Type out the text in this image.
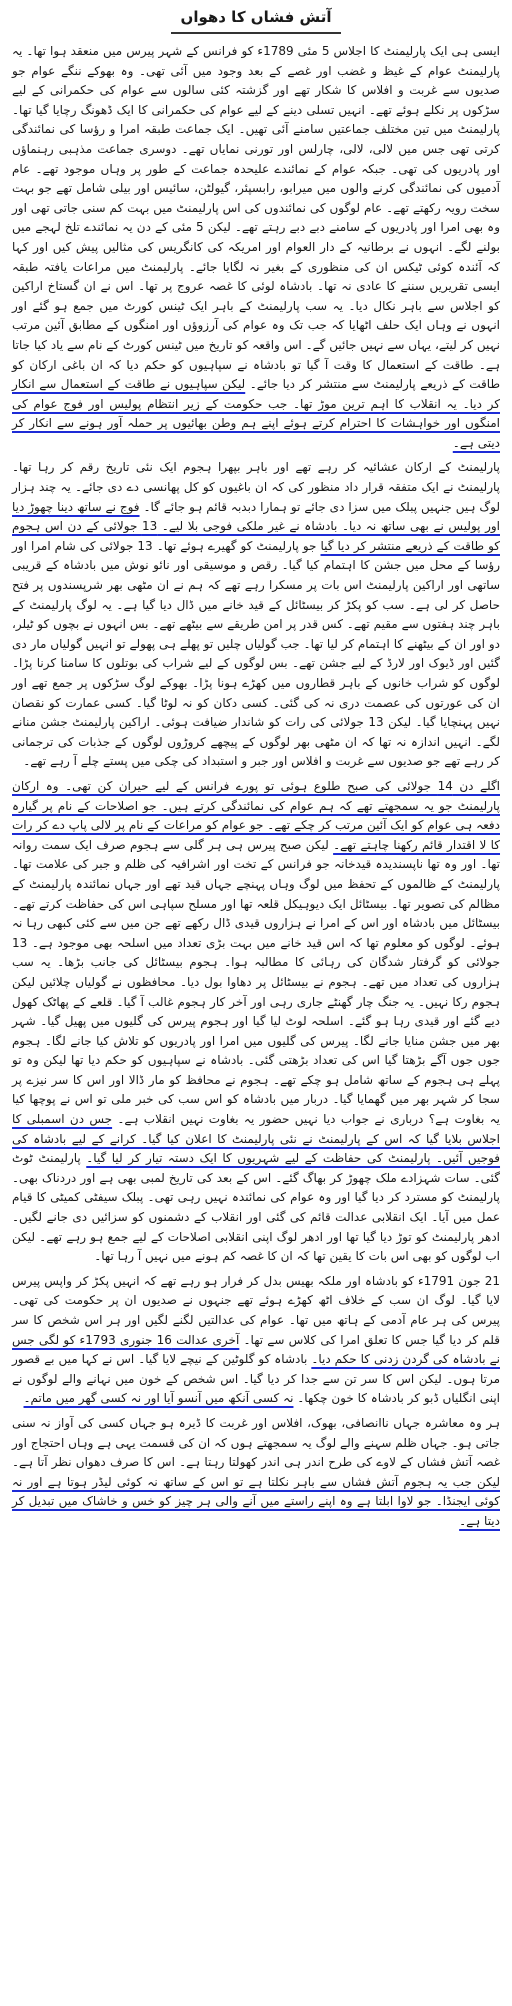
آتش فشاں کا دھواں

ایسی ہی ایک پارلیمنٹ کا اجلاس 5 مئی 1789ء کو فرانس کے شہر پیرس میں منعقد ہوا تھا۔ یہ پارلیمنٹ عوام کے غیظ و غضب اور غصے کے بعد وجود میں آئی تھی۔ وہ بھوکے ننگے عوام جو صدیوں سے غربت و افلاس کا شکار تھے اور گزشتہ کئی سالوں سے عوام کی حکمرانی کے لیے سڑکوں پر نکلے ہوئے تھے۔ انہیں تسلی دینے کے لیے عوام کی حکمرانی کا ایک ڈھونگ رچایا گیا تھا۔ پارلیمنٹ میں تین مختلف جماعتیں سامنے آئی تھیں۔ ایک جماعت طبقہ امرا و رؤسا کی نمائندگی کرتی تھی جس میں لالی، لالی، چارلس اور تورنی نمایاں تھے۔ دوسری جماعت مذہبی رہنماؤں اور پادریوں کی تھی۔ جبکہ عوام کے نمائندے علیحدہ جماعت کے طور پر وہاں موجود تھے۔ عام آدمیوں کی نمائندگی کرنے والوں میں میرابو، رابسپئر، گیولٹن، سائیس اور بیلی شامل تھے جو بہت سخت رویہ رکھتے تھے۔ عام لوگوں کی نمائندوں کی اس پارلیمنٹ میں بہت کم سنی جاتی تھی اور وہ بھی امرا اور پادریوں کے سامنے دبے دبے رہتے تھے۔ لیکن 5 مئی کے دن یہ نمائندے تلخ لہجے میں بولنے لگے۔ انہوں نے برطانیہ کے دار العوام اور امریکہ کی کانگریس کی مثالیں پیش کیں اور کہا کہ آئندہ کوئی ٹیکس ان کی منظوری کے بغیر نہ لگایا جائے۔ پارلیمنٹ میں مراعات یافتہ طبقہ ایسی تقریریں سننے کا عادی نہ تھا۔ بادشاہ لوئی کا غصہ عروج پر تھا۔ اس نے ان گستاخ اراکین کو اجلاس سے باہر نکال دیا۔ یہ سب پارلیمنٹ کے باہر ایک ٹینس کورٹ میں جمع ہو گئے اور انہوں نے وہاں ایک حلف اٹھایا کہ جب تک وہ عوام کی آرزوؤں اور امنگوں کے مطابق آئین مرتب نہیں کر لیتے، یہاں سے نہیں جائیں گے۔ اس واقعہ کو تاریخ میں ٹینس کورٹ کے نام سے یاد کیا جاتا ہے۔ طاقت کے استعمال کا وقت آ گیا تو بادشاہ نے سپاہیوں کو حکم دیا کہ ان باغی ارکان کو طاقت کے ذریعے پارلیمنٹ سے منتشر کر دیا جائے۔ لیکن سپاہیوں نے طاقت کے استعمال سے انکار کر دیا۔ یہ انقلاب کا اہم ترین موڑ تھا۔ جب حکومت کے زیر انتظام پولیس اور فوج عوام کی امنگوں اور خواہشات کا احترام کرتے ہوئے اپنے ہم وطن بھائیوں پر حملہ آور ہونے سے انکار کر دیتی ہے۔

پارلیمنٹ کے ارکان عشائیہ کر رہے تھے اور باہر بپھرا ہجوم ایک نئی تاریخ رقم کر رہا تھا۔ پارلیمنٹ نے ایک متفقہ قرار داد منظور کی کہ ان باغیوں کو کل پھانسی دے دی جائے۔ یہ چند ہزار لوگ ہیں جنہیں پبلک میں سزا دی جائے تو ہمارا دبدبہ قائم ہو جائے گا۔ فوج نے ساتھ دینا چھوڑ دیا اور پولیس نے بھی ساتھ نہ دیا۔ بادشاہ نے غیر ملکی فوجی بلا لیے۔ 13 جولائی کے دن اس ہجوم کو طاقت کے ذریعے منتشر کر دیا گیا جو پارلیمنٹ کو گھیرے ہوئے تھا۔ 13 جولائی کی شام امرا اور رؤسا کے محل میں جشن کا اہتمام کیا گیا۔ رقص و موسیقی اور نائو نوش میں بادشاہ کے قریبی ساتھی اور اراکین پارلیمنٹ اس بات پر مسکرا رہے تھے کہ ہم نے ان مٹھی بھر شرپسندوں پر فتح حاصل کر لی ہے۔ سب کو پکڑ کر بیسٹائل کے قید خانے میں ڈال دیا گیا ہے۔ یہ لوگ پارلیمنٹ کے باہر چند ہفتوں سے مقیم تھے۔ کس قدر پر امن طریقے سے بیٹھے تھے۔ بس انہوں نے بچوں کو ٹیلر، دو اور ان کے بیٹھنے کا اہتمام کر لیا تھا۔ جب گولیاں چلیں تو پھلے ہی پھولے تو انہیں گولیاں مار دی گئیں اور ڈیوک اور لارڈ کے لیے جشن تھے۔ بس لوگوں کے لیے شراب کی بوتلوں کا سامنا کرنا پڑا۔ لوگوں کو شراب خانوں کے باہر قطاروں میں کھڑے ہونا پڑا۔ بھوکے لوگ سڑکوں پر جمع تھے اور ان کی عورتوں کی عصمت دری نہ کی گئی۔ کسی دکان کو نہ لوٹا گیا۔ کسی عمارت کو نقصان نہیں پہنچایا گیا۔ لیکن 13 جولائی کی رات کو شاندار ضیافت ہوئی۔ اراکین پارلیمنٹ جشن منانے لگے۔ انہیں اندازہ نہ تھا کہ ان مٹھی بھر لوگوں کے پیچھے کروڑوں لوگوں کے جذبات کی ترجمانی کر رہے تھے جو صدیوں سے غربت و افلاس اور جبر و استبداد کی چکی میں پستے چلے آ رہے تھے۔

اگلے دن 14 جولائی کی صبح طلوع ہوئی تو پورے فرانس کے لیے حیران کن تھی۔ وہ ارکان پارلیمنٹ جو یہ سمجھتے تھے کہ ہم عوام کی نمائندگی کرتے ہیں۔ جو اصلاحات کے نام پر گیارہ دفعہ ہی عوام کو ایک آئین مرتب کر چکے تھے۔ جو عوام کو مراعات کے نام پر لالی پاپ دے کر رات کا لا اقتدار قائم رکھنا چاہتے تھے۔ لیکن صبح پیرس ہی ہر گلی سے ہجوم صرف ایک سمت روانہ تھا۔ اور وہ تھا ناپسندیدہ قیدخانہ جو فرانس کے تخت اور اشرافیہ کی ظلم و جبر کی علامت تھا۔ پارلیمنٹ کے ظالموں کے تحفظ میں لوگ وہاں پہنچے جہاں قید تھے اور جہاں نمائندہ پارلیمنٹ کے مظالم کی تصویر تھا۔ بیسٹائل ایک دیوہیکل قلعہ تھا اور مسلح سپاہی اس کی حفاظت کرتے تھے۔ بیسٹائل میں بادشاہ اور اس کے امرا نے ہزاروں قیدی ڈال رکھے تھے جن میں سے کئی کبھی رہا نہ ہوئے۔ لوگوں کو معلوم تھا کہ اس قید خانے میں بہت بڑی تعداد میں اسلحہ بھی موجود ہے۔ 13 جولائی کو گرفتار شدگان کی رہائی کا مطالبہ ہوا۔ ہجوم بیسٹائل کی جانب بڑھا۔ یہ سب ہزاروں کی تعداد میں تھے۔ ہجوم نے بیسٹائل پر دھاوا بول دیا۔ محافظوں نے گولیاں چلائیں لیکن ہجوم رکا نہیں۔ یہ جنگ چار گھنٹے جاری رہی اور آخر کار ہجوم غالب آ گیا۔ قلعے کے پھاٹک کھول دیے گئے اور قیدی رہا ہو گئے۔ اسلحہ لوٹ لیا گیا اور ہجوم پیرس کی گلیوں میں پھیل گیا۔ شہر بھر میں جشن منایا جانے لگا۔ پیرس کی گلیوں میں امرا اور پادریوں کو تلاش کیا جانے لگا۔ ہجوم جوں جوں آگے بڑھتا گیا اس کی تعداد بڑھتی گئی۔ بادشاہ نے سپاہیوں کو حکم دیا تھا لیکن وہ تو پہلے ہی ہجوم کے ساتھ شامل ہو چکے تھے۔ ہجوم نے محافظ کو مار ڈالا اور اس کا سر نیزے پر سجا کر شہر بھر میں گھمایا گیا۔ دربار میں بادشاہ کو اس سب کی خبر ملی تو اس نے پوچھا کیا یہ بغاوت ہے؟ درباری نے جواب دیا نہیں حضور یہ بغاوت نہیں انقلاب ہے۔ جس دن اسمبلی کا اجلاس بلایا گیا کہ اس کے پارلیمنٹ نے نئی پارلیمنٹ کا اعلان کیا گیا۔ کرانے کے لیے بادشاہ کی فوجیں آئیں۔ پارلیمنٹ کی حفاظت کے لیے شہریوں کا ایک دستہ تیار کر لیا گیا۔ پارلیمنٹ ٹوٹ گئی۔ سات شہزادے ملک چھوڑ کر بھاگ گئے۔ اس کے بعد کی تاریخ لمبی بھی ہے اور دردناک بھی۔ پارلیمنٹ کو مسترد کر دیا گیا اور وہ عوام کی نمائندہ نہیں رہی تھی۔ پبلک سیفٹی کمیٹی کا قیام عمل میں آیا۔ ایک انقلابی عدالت قائم کی گئی اور انقلاب کے دشمنوں کو سزائیں دی جانے لگیں۔ ادھر پارلیمنٹ کو توڑ دیا گیا تھا اور ادھر لوگ اپنی انقلابی اصلاحات کے لیے جمع ہو رہے تھے۔ لیکن اب لوگوں کو بھی اس بات کا یقین تھا کہ ان کا غصہ کم ہونے میں نہیں آ رہا تھا۔

21 جون 1791ء کو بادشاہ اور ملکہ بھیس بدل کر فرار ہو رہے تھے کہ انہیں پکڑ کر واپس پیرس لایا گیا۔ لوگ ان سب کے خلاف اٹھ کھڑے ہوئے تھے جنہوں نے صدیوں ان پر حکومت کی تھی۔ پیرس کی ہر عام آدمی کے ہاتھ میں تھا۔ عوام کی عدالتیں لگنے لگیں اور ہر اس شخص کا سر قلم کر دیا گیا جس کا تعلق امرا کی کلاس سے تھا۔ آخری عدالت 16 جنوری 1793ء کو لگی جس نے بادشاہ کی گردن زدنی کا حکم دیا۔ بادشاہ کو گلوٹین کے نیچے لایا گیا۔ اس نے کہا میں بے قصور مرتا ہوں۔ لیکن اس کا سر تن سے جدا کر دیا گیا۔ اس شخص کے خون میں نہانے والے لوگوں نے اپنی انگلیاں ڈبو کر بادشاہ کا خون چکھا۔ نہ کسی آنکھ میں آنسو آیا اور نہ کسی گھر میں ماتم۔

ہر وہ معاشرہ جہاں ناانصافی، بھوک، افلاس اور غربت کا ڈیرہ ہو جہاں کسی کی آواز نہ سنی جاتی ہو۔ جہاں ظلم سہنے والے لوگ یہ سمجھتے ہوں کہ ان کی قسمت یہی ہے وہاں احتجاج اور غصہ آتش فشاں کے لاوے کی طرح اندر ہی اندر کھولتا رہتا ہے۔ اس کا صرف دھواں نظر آتا ہے۔ لیکن جب یہ ہجوم آتش فشاں سے باہر نکلتا ہے تو اس کے ساتھ نہ کوئی لیڈر ہوتا ہے اور نہ کوئی ایجنڈا۔ جو لاوا ابلتا ہے وہ اپنے راستے میں آنے والی ہر چیز کو خس و خاشاک میں تبدیل کر دیتا ہے۔
